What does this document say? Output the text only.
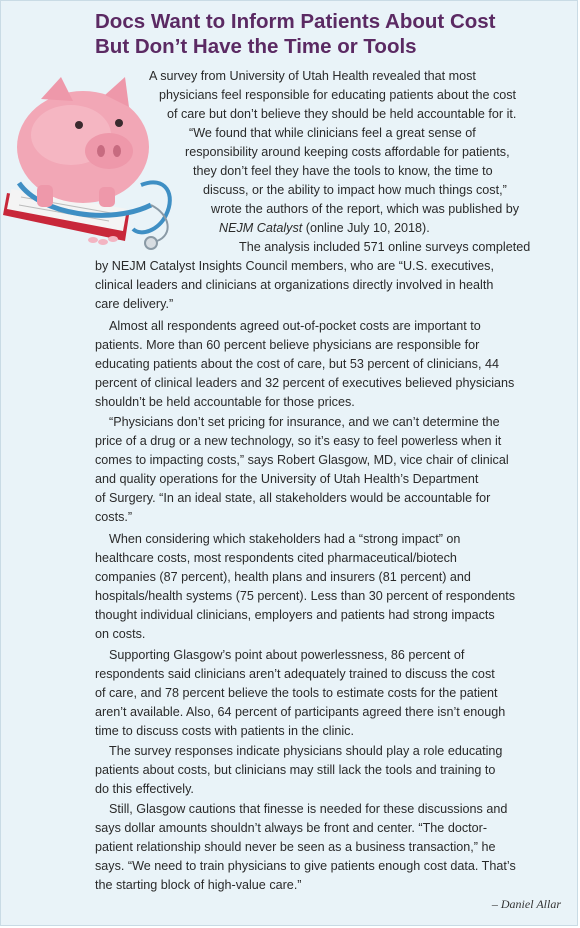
Docs Want to Inform Patients About Cost
But Don’t Have the Time or Tools
A survey from University of Utah Health revealed that most
physicians feel responsible for educating patients about the cost
of care but don’t believe they should be held accountable for it.
“We found that while clinicians feel a great sense of
responsibility around keeping costs affordable for patients,
they don’t feel they have the tools to know, the time to
discuss, or the ability to impact how much things cost,”
wrote the authors of the report, which was published by
NEJM Catalyst (online July 10, 2018).
The analysis included 571 online surveys completed
by NEJM Catalyst Insights Council members, who are “U.S. executives,
clinical leaders and clinicians at organizations directly involved in health
care delivery.”
Almost all respondents agreed out-of-pocket costs are important to
patients. More than 60 percent believe physicians are responsible for
educating patients about the cost of care, but 53 percent of clinicians, 44
percent of clinical leaders and 32 percent of executives believed physicians
shouldn’t be held accountable for those prices.
“Physicians don’t set pricing for insurance, and we can’t determine the
price of a drug or a new technology, so it’s easy to feel powerless when it
comes to impacting costs,” says Robert Glasgow, MD, vice chair of clinical
and quality operations for the University of Utah Health’s Department
of Surgery. “In an ideal state, all stakeholders would be accountable for
costs.”
When considering which stakeholders had a “strong impact” on
healthcare costs, most respondents cited pharmaceutical/biotech
companies (87 percent), health plans and insurers (81 percent) and
hospitals/health systems (75 percent). Less than 30 percent of respondents
thought individual clinicians, employers and patients had strong impacts
on costs.
Supporting Glasgow’s point about powerlessness, 86 percent of
respondents said clinicians aren’t adequately trained to discuss the cost
of care, and 78 percent believe the tools to estimate costs for the patient
aren’t available. Also, 64 percent of participants agreed there isn’t enough
time to discuss costs with patients in the clinic.
The survey responses indicate physicians should play a role educating
patients about costs, but clinicians may still lack the tools and training to
do this effectively.
Still, Glasgow cautions that finesse is needed for these discussions and
says dollar amounts shouldn’t always be front and center. “The doctor-
patient relationship should never be seen as a business transaction,” he
says. “We need to train physicians to give patients enough cost data. That’s
the starting block of high-value care.”
– Daniel Allar
